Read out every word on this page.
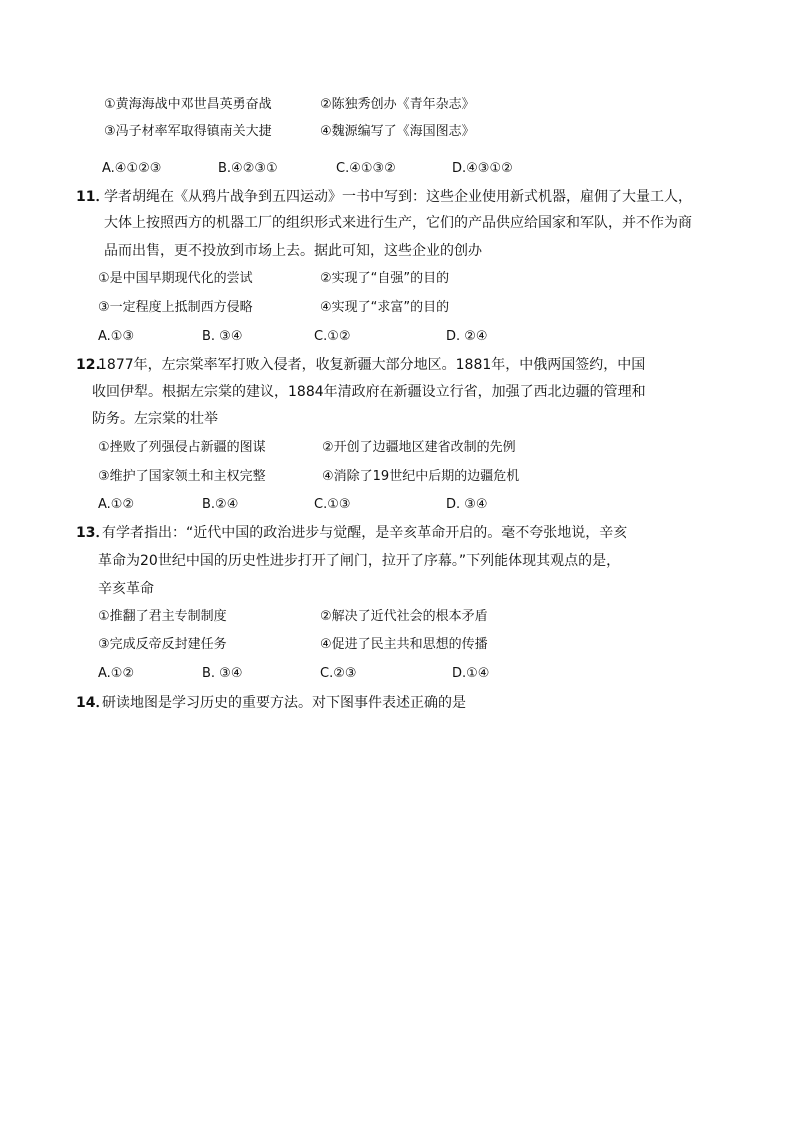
①黄海海战中邓世昌英勇奋战	②陈独秀创办《青年杂志》
③冯子材率军取得镇南关大捷	④魏源编写了《海国图志》
A.④①②③	B.④②③①	C.④①③②	D.④③①②
11．
学者胡绳在《从鸦片战争到五四运动》一书中写到：这些企业使用新式机器，雇佣了大量工人，
大体上按照西方的机器工厂的组织形式来进行生产，它们的产品供应给国家和军队，并不作为商
品而出售，更不投放到市场上去。据此可知，这些企业的创办
①是中国早期现代化的尝试	②实现了“自强”的目的
③一定程度上抵制西方侵略	④实现了“求富”的目的
A.①③	B. ③④	C.①②	D. ②④
12.
1877年，左宗棠率军打败入侵者，收复新疆大部分地区。1881年，中俄两国签约，中国
收回伊犁。根据左宗棠的建议，1884年清政府在新疆设立行省，加强了西北边疆的管理和
防务。左宗棠的壮举
①挫败了列强侵占新疆的图谋	②开创了边疆地区建省改制的先例
③维护了国家领土和主权完整	④消除了19世纪中后期的边疆危机
A.①②	B.②④	C.①③	D. ③④
13．
有学者指出：“近代中国的政治进步与觉醒，是辛亥革命开启的。毫不夸张地说，辛亥
革命为20世纪中国的历史性进步打开了闸门，拉开了序幕。”下列能体现其观点的是，
辛亥革命
①推翻了君主专制制度	②解决了近代社会的根本矛盾
③完成反帝反封建任务	④促进了民主共和思想的传播
A.①②	B. ③④	C.②③	D.①④
14．
研读地图是学习历史的重要方法。对下图事件表述正确的是
